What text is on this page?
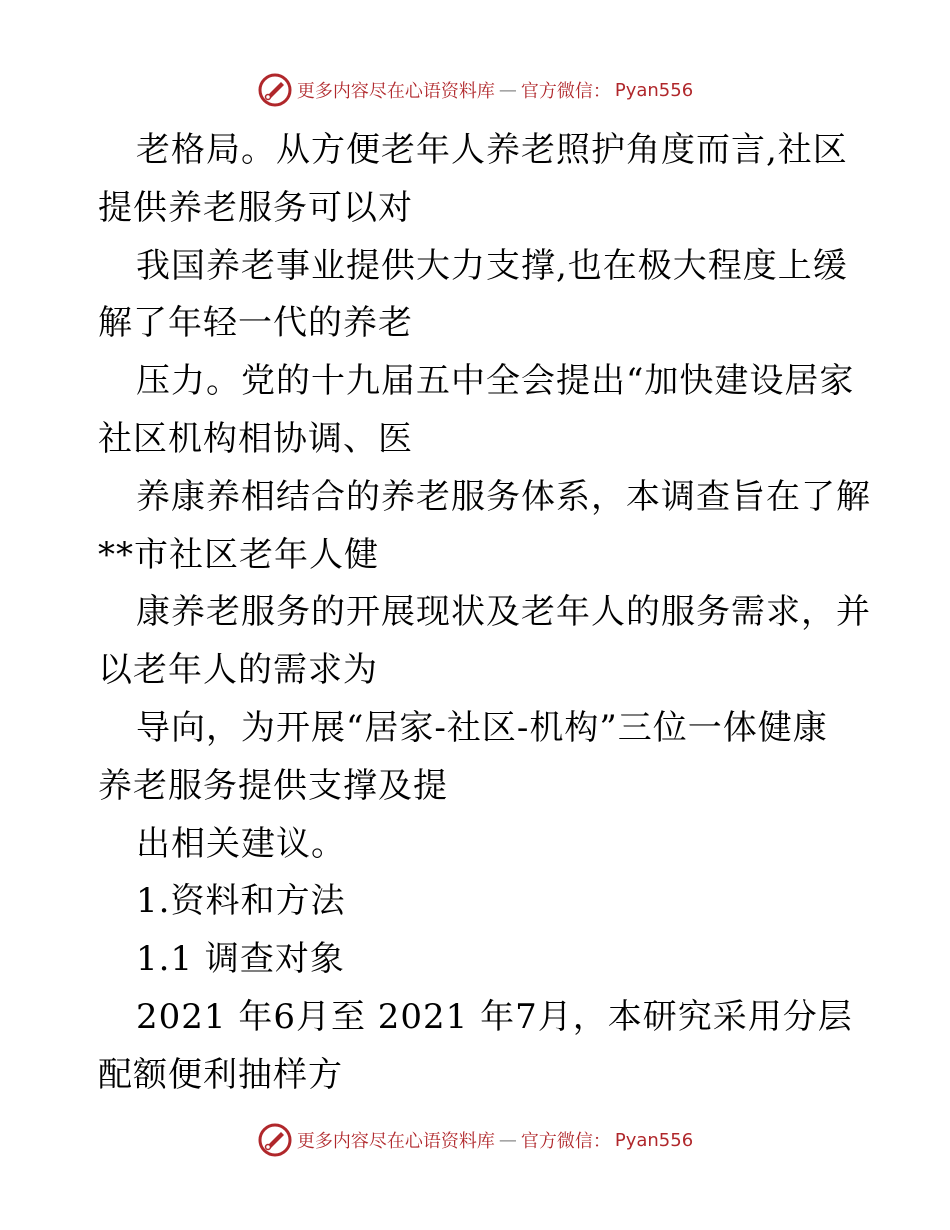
更多内容尽在心语资料库 — 官方微信： Pyan556
老格局。从方便老年人养老照护角度而言,社区
提供养老服务可以对
我国养老事业提供大力支撑,也在极大程度上缓
解了年轻一代的养老
压力。党的十九届五中全会提出“加快建设居家
社区机构相协调、医
养康养相结合的养老服务体系，本调查旨在了解
**市社区老年人健
康养老服务的开展现状及老年人的服务需求，并
以老年人的需求为
导向，为开展“居家-社区-机构”三位一体健康
养老服务提供支撑及提
出相关建议。
1.资料和方法
1.1 调查对象
2021 年6月至 2021 年7月，本研究采用分层
配额便利抽样方
更多内容尽在心语资料库 — 官方微信： Pyan556
